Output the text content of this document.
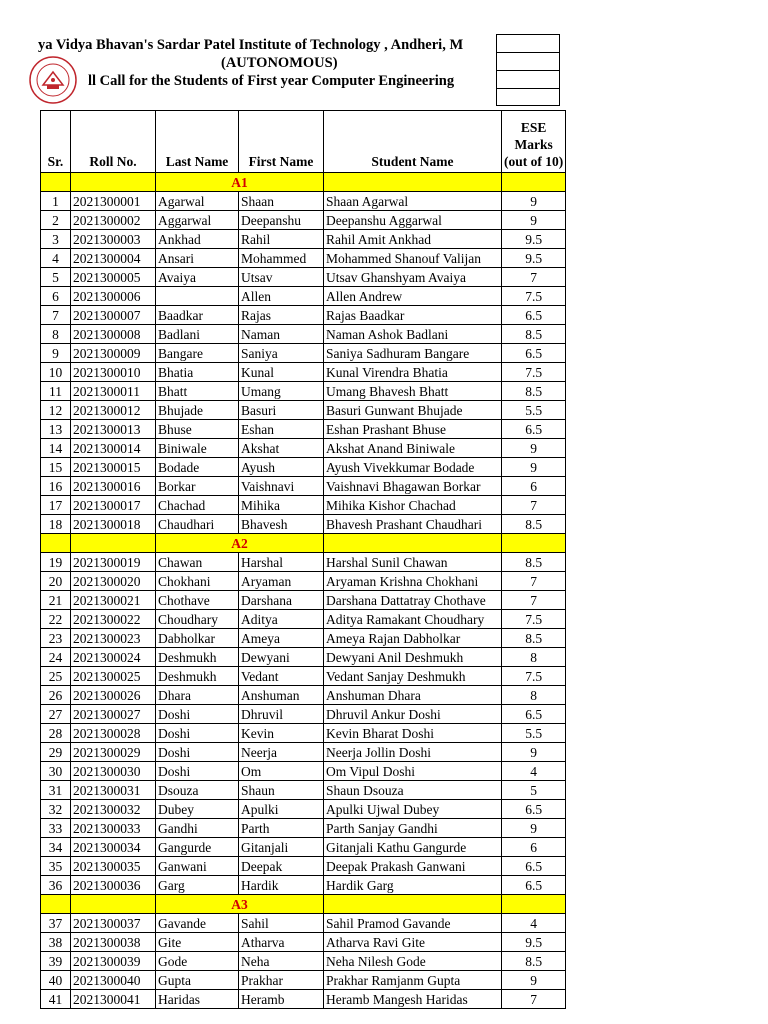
ya Vidya Bhavan's Sardar Patel Institute of Technology , Andheri, M
(AUTONOMOUS)
ll Call for the Students of First year Computer Engineering
Sr.	Roll No.	Last Name	First Name	Student Name	ESE
Marks
(out of 10)

		A1			
1	2021300001	Agarwal	Shaan	Shaan Agarwal	9
2	2021300002	Aggarwal	Deepanshu	Deepanshu Aggarwal	9
3	2021300003	Ankhad	Rahil	Rahil Amit Ankhad	9.5
4	2021300004	Ansari	Mohammed	Mohammed Shanouf Valijan	9.5
5	2021300005	Avaiya	Utsav	Utsav Ghanshyam Avaiya	7
6	2021300006		Allen	Allen Andrew	7.5
7	2021300007	Baadkar	Rajas	Rajas Baadkar	6.5
8	2021300008	Badlani	Naman	Naman Ashok Badlani	8.5
9	2021300009	Bangare	Saniya	Saniya Sadhuram Bangare	6.5
10	2021300010	Bhatia	Kunal	Kunal Virendra Bhatia	7.5
11	2021300011	Bhatt	Umang	Umang Bhavesh Bhatt	8.5
12	2021300012	Bhujade	Basuri	Basuri Gunwant Bhujade	5.5
13	2021300013	Bhuse	Eshan	Eshan Prashant Bhuse	6.5
14	2021300014	Biniwale	Akshat	Akshat Anand Biniwale	9
15	2021300015	Bodade	Ayush	Ayush Vivekkumar Bodade	9
16	2021300016	Borkar	Vaishnavi	Vaishnavi Bhagawan Borkar	6
17	2021300017	Chachad	Mihika	Mihika Kishor Chachad	7
18	2021300018	Chaudhari	Bhavesh	Bhavesh Prashant Chaudhari	8.5
		A2			
19	2021300019	Chawan	Harshal	Harshal Sunil Chawan	8.5
20	2021300020	Chokhani	Aryaman	Aryaman Krishna Chokhani	7
21	2021300021	Chothave	Darshana	Darshana Dattatray Chothave	7
22	2021300022	Choudhary	Aditya	Aditya Ramakant Choudhary	7.5
23	2021300023	Dabholkar	Ameya	Ameya Rajan Dabholkar	8.5
24	2021300024	Deshmukh	Dewyani	Dewyani Anil Deshmukh	8
25	2021300025	Deshmukh	Vedant	Vedant Sanjay Deshmukh	7.5
26	2021300026	Dhara	Anshuman	Anshuman Dhara	8
27	2021300027	Doshi	Dhruvil	Dhruvil Ankur Doshi	6.5
28	2021300028	Doshi	Kevin	Kevin Bharat Doshi	5.5
29	2021300029	Doshi	Neerja	Neerja Jollin Doshi	9
30	2021300030	Doshi	Om	Om Vipul Doshi	4
31	2021300031	Dsouza	Shaun	Shaun Dsouza	5
32	2021300032	Dubey	Apulki	Apulki Ujwal Dubey	6.5
33	2021300033	Gandhi	Parth	Parth Sanjay Gandhi	9
34	2021300034	Gangurde	Gitanjali	Gitanjali Kathu Gangurde	6
35	2021300035	Ganwani	Deepak	Deepak Prakash Ganwani	6.5
36	2021300036	Garg	Hardik	Hardik Garg	6.5
		A3			
37	2021300037	Gavande	Sahil	Sahil Pramod Gavande	4
38	2021300038	Gite	Atharva	Atharva Ravi Gite	9.5
39	2021300039	Gode	Neha	Neha Nilesh Gode	8.5
40	2021300040	Gupta	Prakhar	Prakhar Ramjanm Gupta	9
41	2021300041	Haridas	Heramb	Heramb Mangesh Haridas	7
